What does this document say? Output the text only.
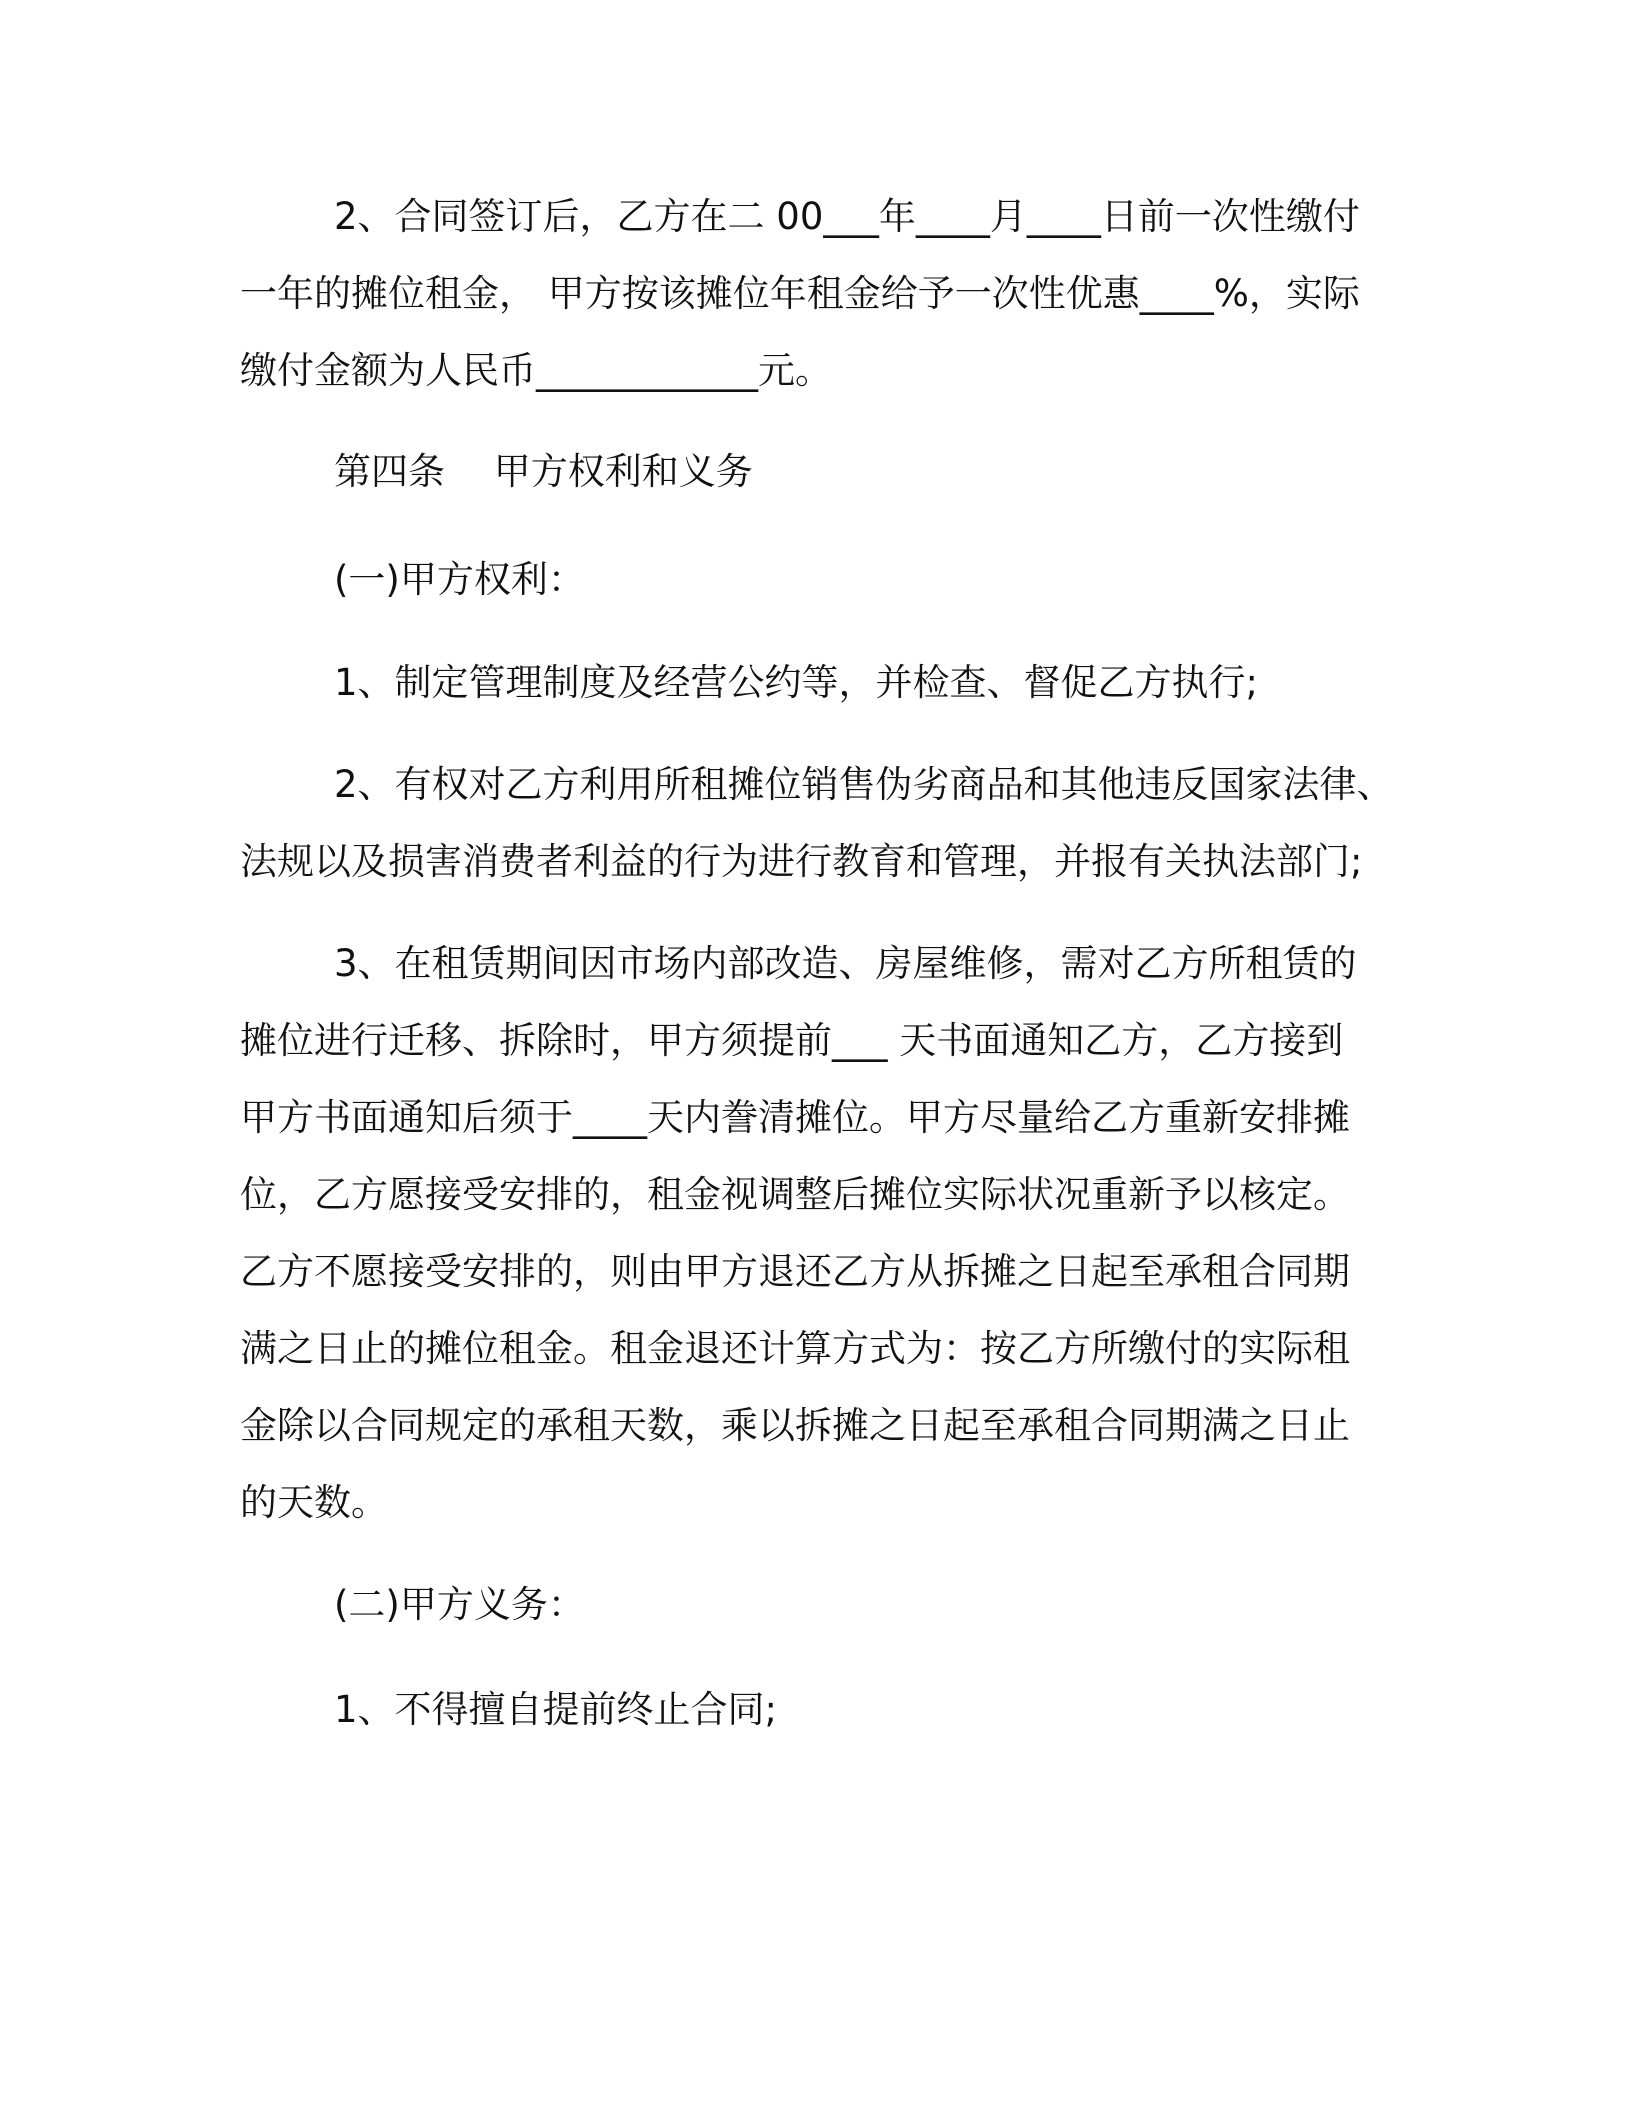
2、合同签订后，乙方在二 00___年____月____日前一次性缴付
一年的摊位租金， 甲方按该摊位年租金给予一次性优惠____%，实际
缴付金额为人民币____________元。
第四条　 甲方权利和义务
(一)甲方权利：
1、制定管理制度及经营公约等，并检查、督促乙方执行;
2、有权对乙方利用所租摊位销售伪劣商品和其他违反国家法律、
法规以及损害消费者利益的行为进行教育和管理，并报有关执法部门;
3、在租赁期间因市场内部改造、房屋维修，需对乙方所租赁的
摊位进行迁移、拆除时，甲方须提前___ 天书面通知乙方，乙方接到
甲方书面通知后须于____天内誊清摊位。甲方尽量给乙方重新安排摊
位，乙方愿接受安排的，租金视调整后摊位实际状况重新予以核定。
乙方不愿接受安排的，则由甲方退还乙方从拆摊之日起至承租合同期
满之日止的摊位租金。租金退还计算方式为：按乙方所缴付的实际租
金除以合同规定的承租天数，乘以拆摊之日起至承租合同期满之日止
的天数。
(二)甲方义务：
1、不得擅自提前终止合同;
